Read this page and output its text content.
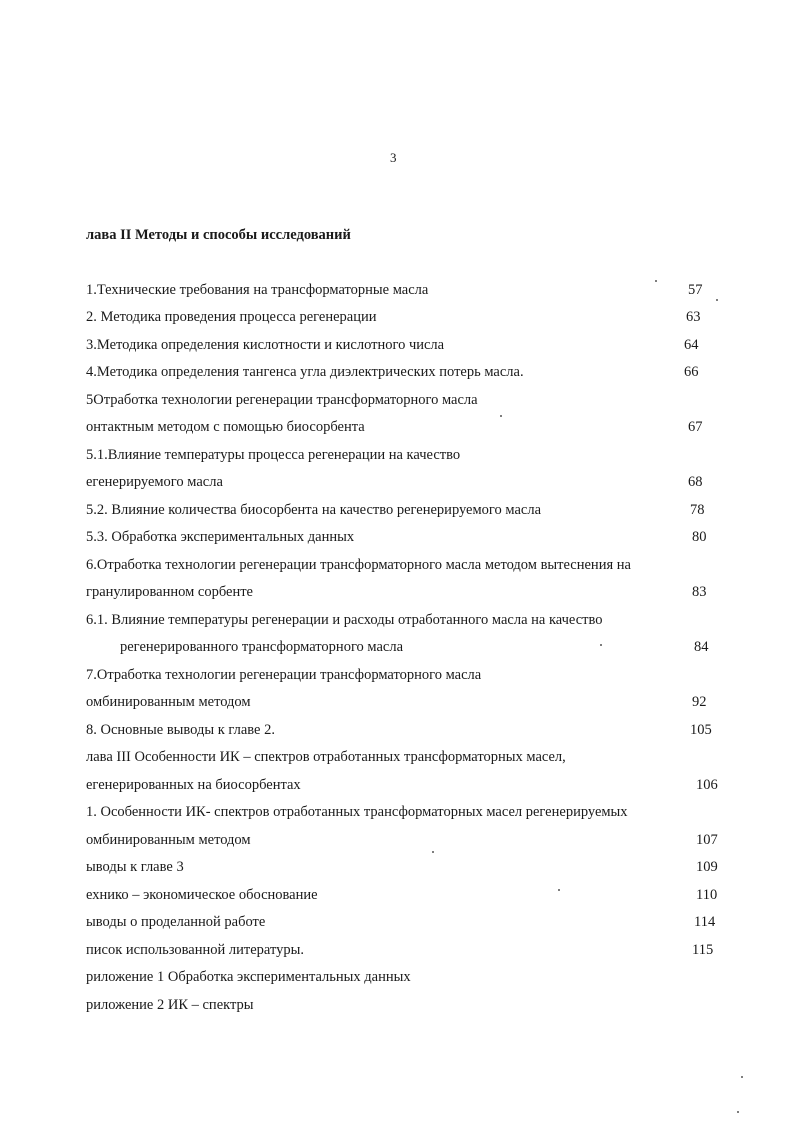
3
лава II Методы и способы исследований
1.Технические требования на трансформаторные масла	57
2. Методика проведения процесса регенерации	63
3.Методика определения кислотности и кислотного числа	64
4.Методика определения тангенса угла диэлектрических потерь масла.	66
5Отработка технологии регенерации трансформаторного масла
онтактным методом с помощью биосорбента	67
5.1.Влияние температуры процесса регенерации на качество
егенерируемого масла	68
5.2. Влияние количества биосорбента на качество регенерируемого масла	78
5.3. Обработка экспериментальных данных	80
6.Отработка технологии регенерации трансформаторного масла методом вытеснения на
гранулированном сорбенте	83
6.1. Влияние температуры регенерации и расходы отработанного масла на качество
регенерированного трансформаторного масла	84
7.Отработка технологии регенерации трансформаторного масла
омбинированным методом	92
8. Основные выводы к главе 2.	105
лава III Особенности ИК – спектров отработанных трансформаторных масел,
егенерированных на биосорбентах	106
1. Особенности ИК- спектров отработанных трансформаторных масел регенерируемых
омбинированным методом	107
ыводы к главе 3	109
ехнико – экономическое обоснование	110
ыводы о проделанной работе	114
писок использованной литературы.	115
риложение 1 Обработка экспериментальных данных
риложение 2 ИК – спектры
